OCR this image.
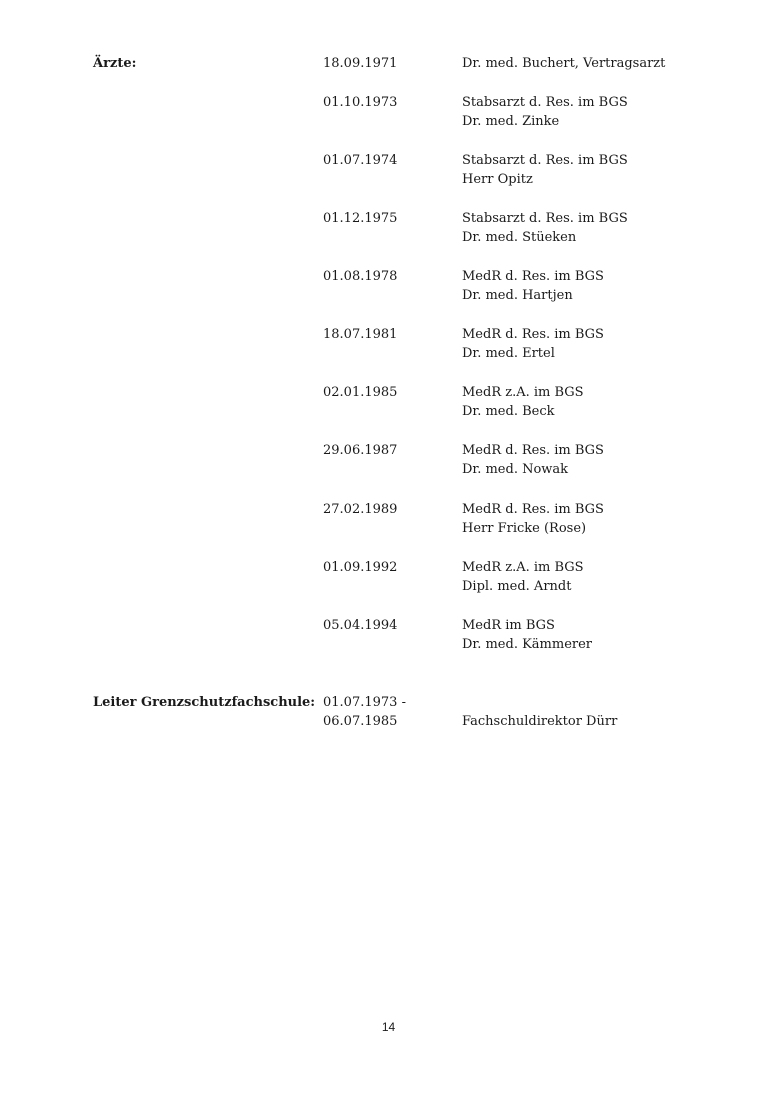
Ärzte:	18.09.1971	Dr. med. Buchert, Vertragsarzt
01.10.1973	Stabsarzt d. Res. im BGS
Dr. med. Zinke
01.07.1974	Stabsarzt d. Res. im BGS
Herr Opitz
01.12.1975	Stabsarzt d. Res. im BGS
Dr. med. Stüeken
01.08.1978	MedR d. Res. im BGS
Dr. med. Hartjen
18.07.1981	MedR d. Res. im BGS
Dr. med. Ertel
02.01.1985	MedR z.A. im BGS
Dr. med. Beck
29.06.1987	MedR d. Res. im BGS
Dr. med. Nowak
27.02.1989	MedR d. Res. im BGS
Herr Fricke (Rose)
01.09.1992	MedR z.A. im BGS
Dipl. med. Arndt
05.04.1994	MedR im BGS
Dr. med. Kämmerer
Leiter Grenzschutzfachschule: 01.07.1973 -
06.07.1985	Fachschuldirektor Dürr
14
